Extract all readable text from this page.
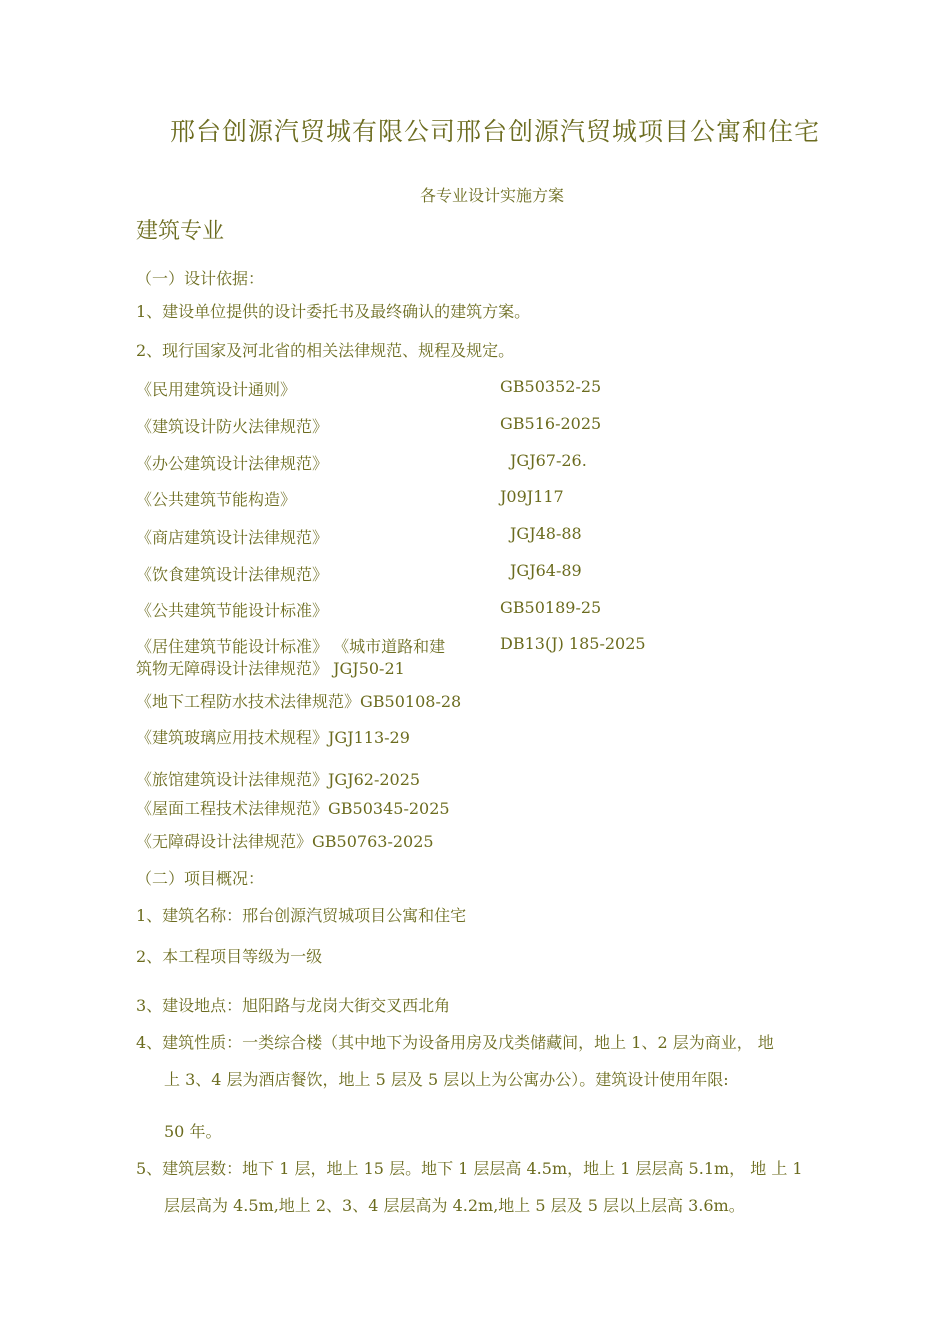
邢台创源汽贸城有限公司邢台创源汽贸城项目公寓和住宅
各专业设计实施方案
建筑专业
（一）设计依据：
1、建设单位提供的设计委托书及最终确认的建筑方案。
2、现行国家及河北省的相关法律规范、规程及规定。
《民用建筑设计通则》	GB50352-25
《建筑设计防火法律规范》	GB516-2025
《办公建筑设计法律规范》	JGJ67-26.
《公共建筑节能构造》	J09J117
《商店建筑设计法律规范》	JGJ48-88
《饮食建筑设计法律规范》	JGJ64-89
《公共建筑节能设计标准》	GB50189-25
《居住建筑节能设计标准》 《城市道路和建	DB13(J) 185-2025
筑物无障碍设计法律规范》 JGJ50-21
《地下工程防水技术法律规范》GB50108-28
《建筑玻璃应用技术规程》JGJ113-29
《旅馆建筑设计法律规范》JGJ62-2025
《屋面工程技术法律规范》GB50345-2025
《无障碍设计法律规范》GB50763-2025
（二）项目概况：
1、建筑名称：邢台创源汽贸城项目公寓和住宅
2、本工程项目等级为一级
3、建设地点：旭阳路与龙岗大街交叉西北角
4、建筑性质：一类综合楼（其中地下为设备用房及戊类储藏间，地上 1、2 层为商业， 地
上 3、4 层为酒店餐饮，地上 5 层及 5 层以上为公寓办公）。建筑设计使用年限:
50 年。
5、建筑层数：地下 1 层，地上 15 层。地下 1 层层高 4.5m，地上 1 层层高 5.1m， 地 上 1
层层高为 4.5m,地上 2、3、4 层层高为 4.2m,地上 5 层及 5 层以上层高 3.6m。
